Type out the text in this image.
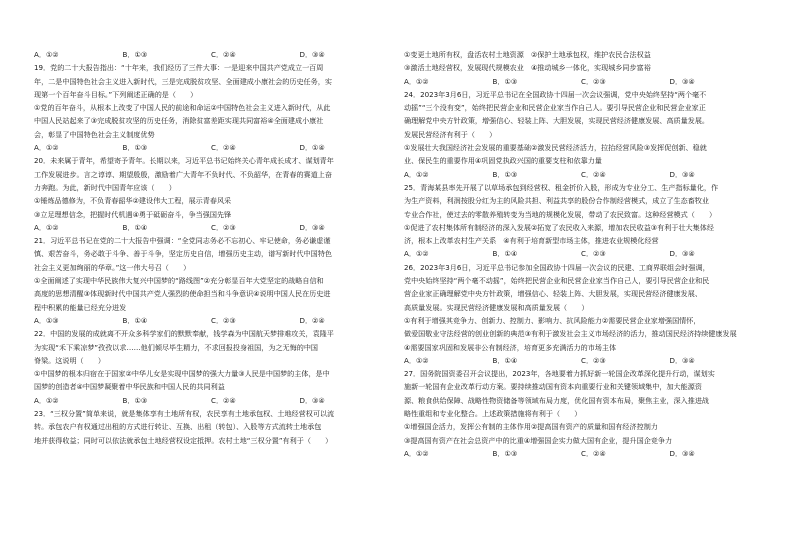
A．①②	B．①③	C．②④	D．③④
19．党的二十大报告指出：“十年来，我们经历了三件大事：一是迎来中国共产党成立一百周
年，二是中国特色社会主义进入新时代，三是完成脱贫攻坚、全面建成小康社会的历史任务，实
现第一个百年奋斗目标。”下列阐述正确的是（　　）
①党的百年奋斗，从根本上改变了中国人民的前途和命运②中国特色社会主义进入新时代，从此
中国人民站起来了③完成脱贫攻坚的历史任务，消除贫富差距实现共同富裕④全面建成小康社
会，彰显了中国特色社会主义制度优势
A．①②	B．①③	C．②④	D．①④
20．未来属于青年，希望寄予青年。长期以来，习近平总书记始终关心青年成长成才、谋划青年
工作发展进步。言之谆谆、期望殷殷，激励着广大青年不负时代、不负韶华，在青春的赛道上奋
力奔跑。为此，新时代中国青年应该（　　）
①锤炼品德修为，不负青春韶华②建设伟大工程，展示青春风采
③立足理想信念，把握时代机遇④勇于砥砺奋斗，争当强国先锋
A．①②	B．①④	C．②③	D．③④
21．习近平总书记在党的二十大报告中强调：“全党同志务必不忘初心、牢记使命，务必谦虚谨
慎、艰苦奋斗，务必敢于斗争、善于斗争，坚定历史自信，增强历史主动，谱写新时代中国特色
社会主义更加绚丽的华章。”这一伟大号召（　　）
①全面阐述了实现中华民族伟大复兴中国梦的“路线图”②充分彰显百年大党坚定的战略自信和
高度的思想清醒③体现新时代中国共产党人强烈的使命担当和斗争意识④说明中国人民在历史进
程中积累的能量已经充分迸发
A．①③	B．①④	C．②③	D．②④
22．中国的发展的成就离不开众多科学家们的默默奉献，钱学森为中国航天梦排难攻关，袁隆平
为实现“禾下乘凉梦”孜孜以求……他们倾尽毕生精力，不求回报投身祖国，为之无悔的中国
脊梁。这说明（　　）
①中国梦的根本归宿在于国家②中华儿女是实现中国梦的强大力量③人民是中国梦的主体，是中
国梦的创造者④中国梦凝聚着中华民族和中国人民的共同利益
A．①②	B．①③	C．②④	D．③④
23．“三权分置”简单来说，就是集体享有土地所有权，农民享有土地承包权、土地经营权可以流
转。承包农户有权通过出租的方式进行转让、互换、出租（转包）、入股等方式流转土地承包
地并获得收益；同时可以依法就承包土地经营权设定抵押。农村土地“三权分置”有利于（　　）
①变更土地所有权，盘活农村土地资源　②保护土地承包权，维护农民合法权益
③激活土地经营权，发展现代规模农业　④推动城乡一体化，实现城乡同步富裕
A．①②	B．①③	C．②③	D．③④
24．2023年3月6日，习近平总书记在全国政协十四届一次会议强调，党中央始终坚持“两个毫不
动摇”“三个没有变”，始终把民营企业和民营企业家当作自己人。要引导民营企业和民营企业家正
确理解党中央方针政策，增强信心、轻装上阵、大胆发展，实现民营经济健康发展、高质量发展。
发展民营经济有利于（　　）
①发展壮大我国经济社会发展的重要基础②激发民营经济活力，拉抬经营风险③发挥促创新、稳就
业、保民生的重要作用④巩固党执政兴国的重要支柱和依靠力量
A．①②	B．①③	C．②④	D．③④
25．青海某县率先开展了以草场承包到经营权、租金折价入股，形成为专业分工、生产指标量化，作
为生产资料，利润按股分红为主的风险共担、利益共享的股份合作制经营模式，成立了生态畜牧业
专业合作社，使过去的零散养殖转变为当地的规模化发展，带动了农民致富。这种经营模式（　　）
①促进了农村集体所有制经济的深入发展②拓宽了农民收入来源，增加农民收益③有利于壮大集体经
济，根本上改革农村生产关系　④有利于培育新型市场主体，推进农业规模化经营
A．①②	B．①④	C．②③	D．③④
26．2023年3月6日，习近平总书记参加全国政协十四届一次会议的民建、工商界联组会时强调，
党中央始终坚持“两个毫不动摇”，始终把民营企业和民营企业家当作自己人，要引导民营企业和民
营企业家正确理解党中央方针政策，增强信心、轻装上阵、大胆发展，实现民营经济健康发展、
高质量发展。实现民营经济健康发展和高质量发展（　　）
①有利于增强其竞争力、创新力、控制力、影响力、抗风险能力②需要民营企业家增强国情怀，
做爱国敬业守法经营的创业创新的典范③有利于激发社会主义市场经济的活力，推动国民经济持续健康发展
④需要国家巩固和发展非公有制经济，培育更多充满活力的市场主体
A．①②	B．①④	C．②③	D．③④
27．国务院国资委召开会议提出，2023年，各地要着力抓好新一轮国企改革深化提升行动，谋划实
施新一轮国有企业改革行动方案。要持续推动国有资本向重要行业和关键领域集中，加大能源资
源、粮食供给保障、战略性物资储备等领域布局力度，优化国有资本布局，聚焦主业，深入推进战
略性重组和专业化整合。上述政策措施将有利于（　　）
①增强国企活力，发挥公有制的主体作用②提高国有资产的质量和国有经济控制力
③提高国有资产在社会总资产中的比重④增强国企实力做大国有企业，提升国企竞争力
A．①②	B．①③	C．②④	D．③④
